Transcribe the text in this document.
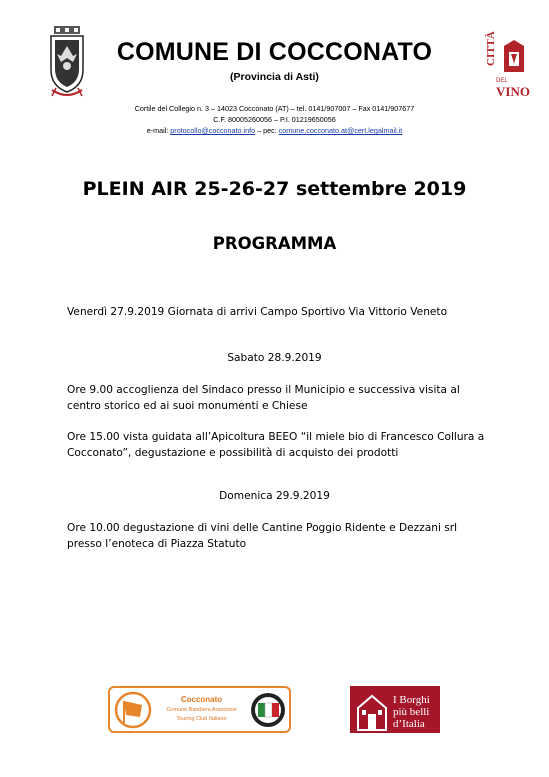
CITTÀ
DEL
VINO
COMUNE DI COCCONATO
(Provincia di Asti)
Cortile del Collegio n. 3 – 14023 Cocconato (AT) – tel. 0141/907007 – Fax 0141/907677
C.F. 80005260056 – P.I. 01219650056
e-mail: protocollo@cocconato.info – pec: comune.cocconato.at@cert.legalmail.it
PLEIN AIR 25-26-27 settembre 2019
PROGRAMMA
Venerdì 27.9.2019 Giornata di arrivi Campo Sportivo Via Vittorio Veneto
Sabato 28.9.2019
Ore 9.00 accoglienza del Sindaco presso il Municipio e successiva visita al centro storico ed ai suoi monumenti e Chiese
Ore 15.00 vista guidata all’Apicoltura BEEO “il miele bio di Francesco Collura a Cocconato”, degustazione e possibilità di acquisto dei prodotti
Domenica 29.9.2019
Ore 10.00 degustazione di vini delle Cantine Poggio Ridente e Dezzani srl presso l’enoteca di Piazza Statuto
Cocconato
Comune Bandiera Arancione
Touring Club Italiano
I Borghi
più belli
d’Italia
